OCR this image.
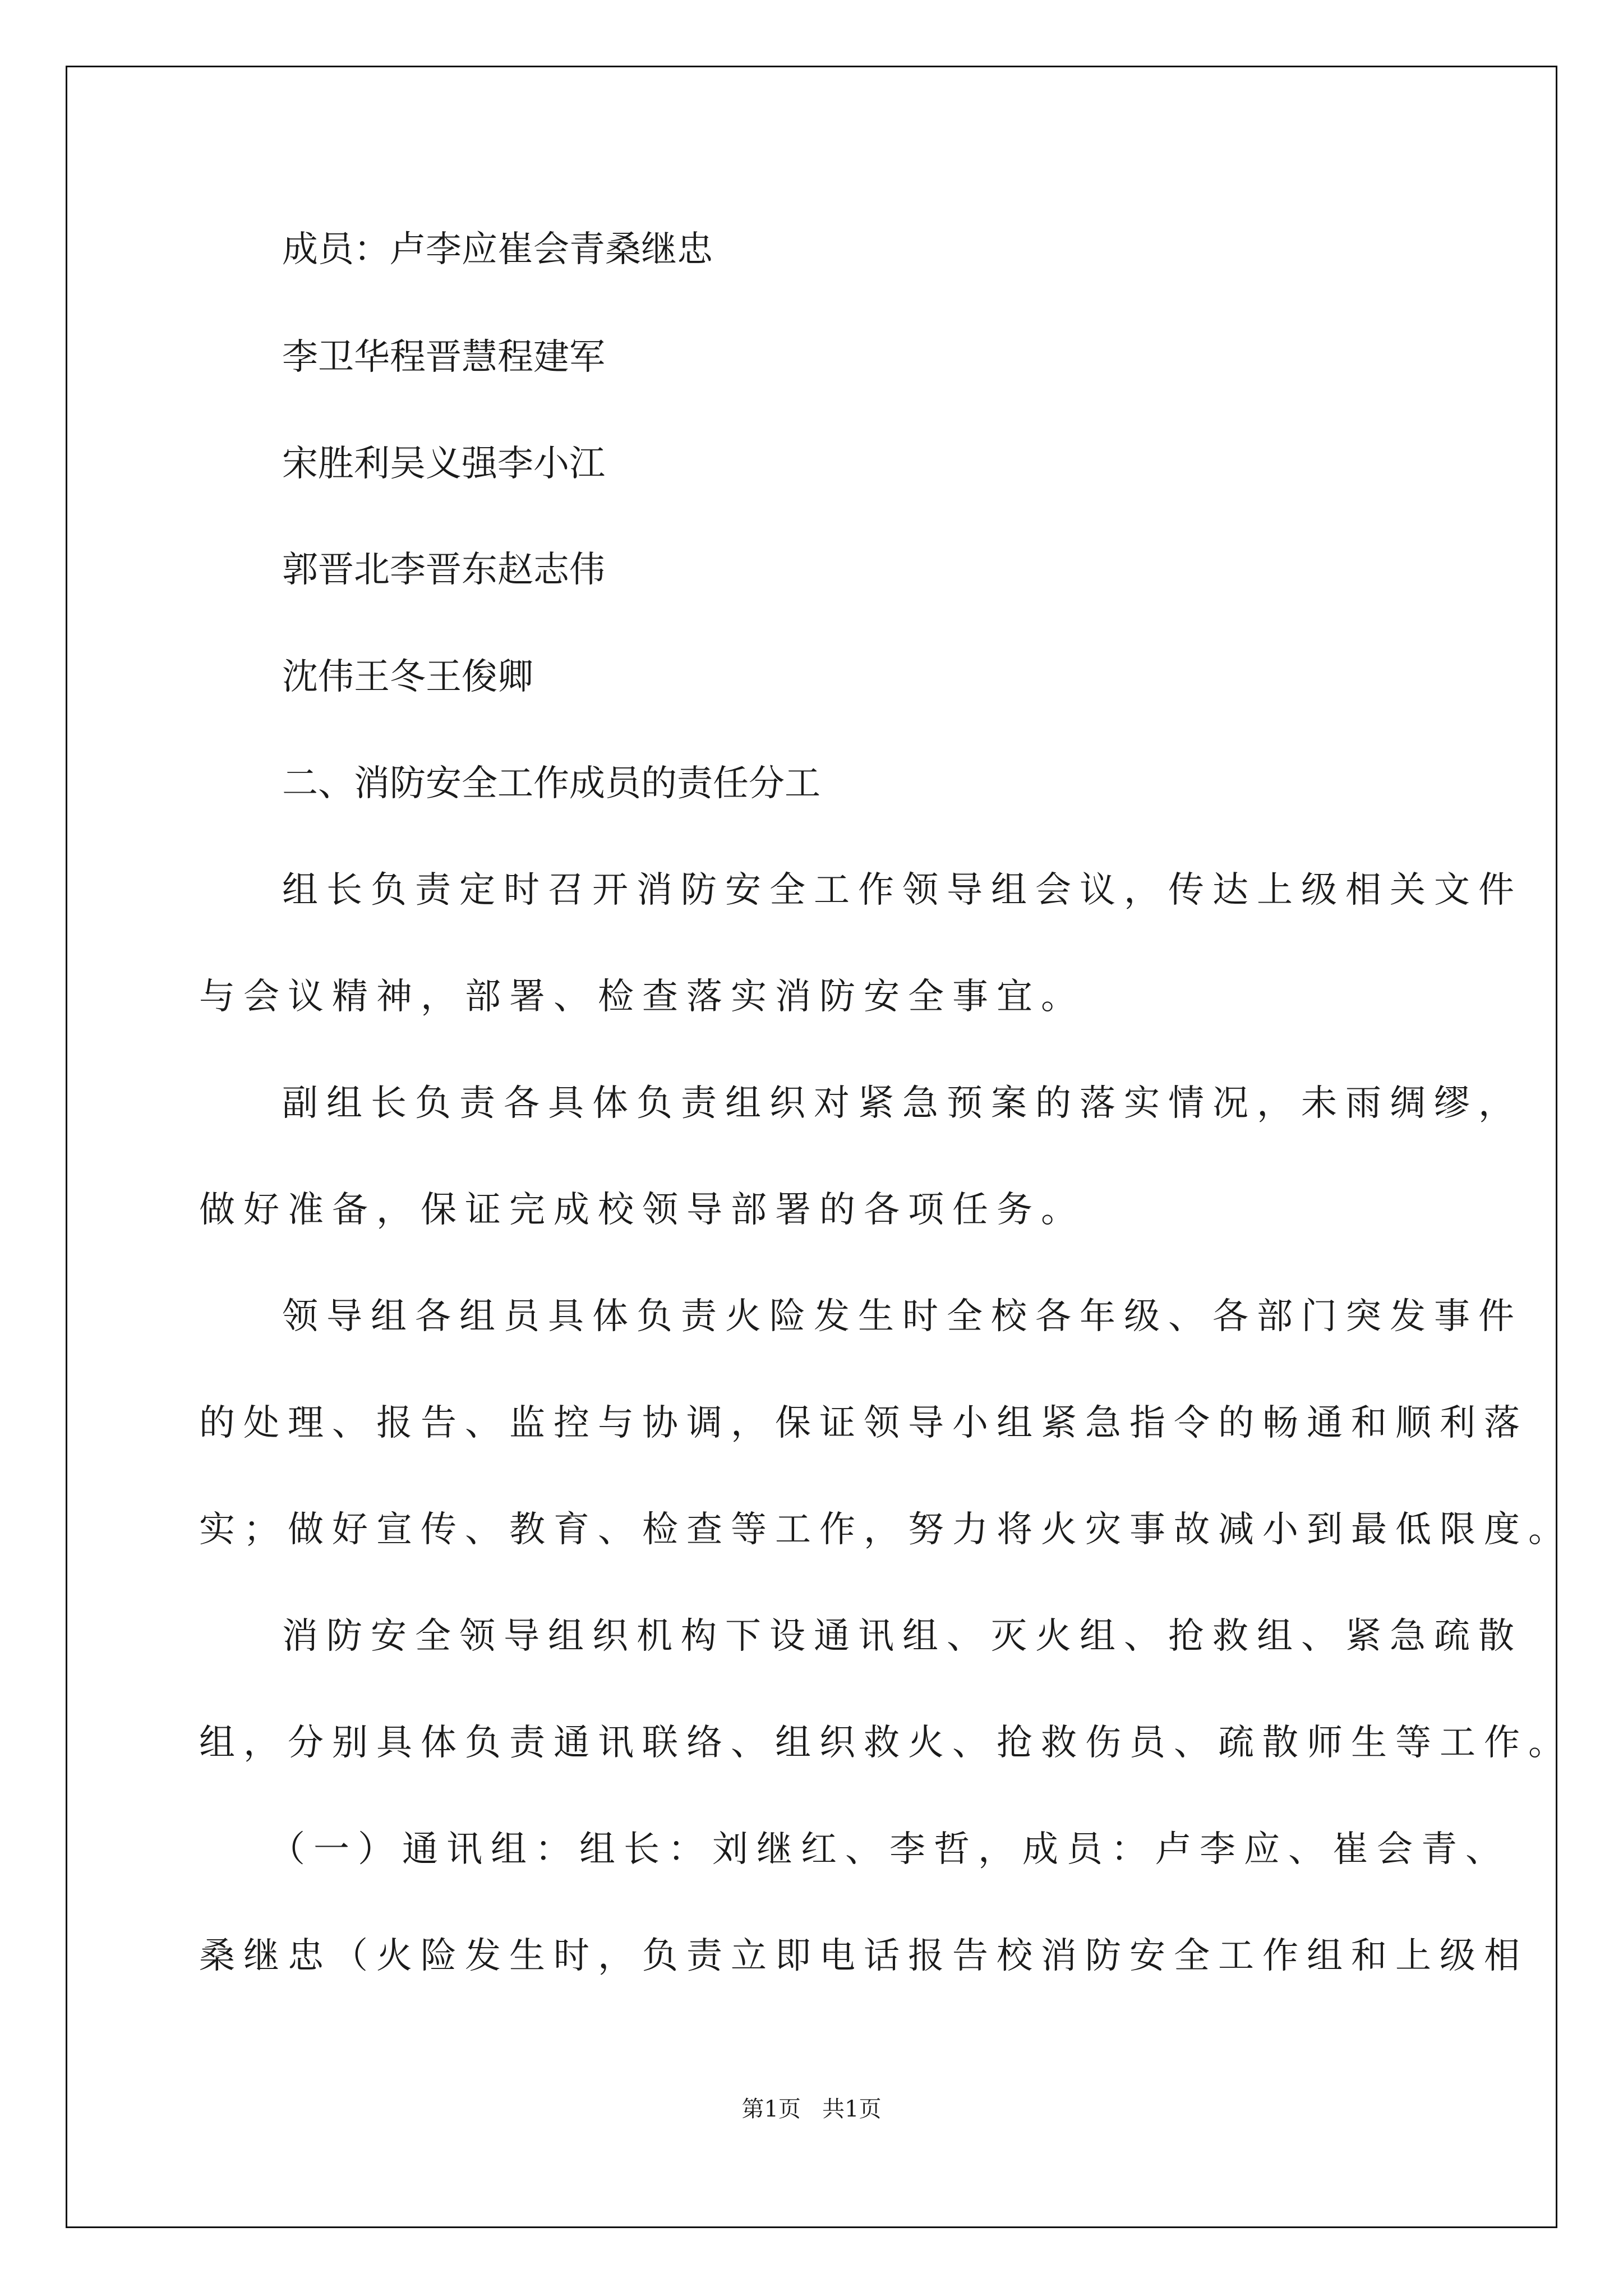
成员：卢李应崔会青桑继忠
李卫华程晋慧程建军
宋胜利吴义强李小江
郭晋北李晋东赵志伟
沈伟王冬王俊卿
二、消防安全工作成员的责任分工
组长负责定时召开消防安全工作领导组会议，传达上级相关文件
与会议精神，部署、检查落实消防安全事宜。
副组长负责各具体负责组织对紧急预案的落实情况，未雨绸缪，
做好准备，保证完成校领导部署的各项任务。
领导组各组员具体负责火险发生时全校各年级、各部门突发事件
的处理、报告、监控与协调，保证领导小组紧急指令的畅通和顺利落
实；做好宣传、教育、检查等工作，努力将火灾事故减小到最低限度。
消防安全领导组织机构下设通讯组、灭火组、抢救组、紧急疏散
组，分别具体负责通讯联络、组织救火、抢救伤员、疏散师生等工作。
（一）通讯组：组长：刘继红、李哲，成员：卢李应、崔会青、
桑继忠（火险发生时，负责立即电话报告校消防安全工作组和上级相
第1页   共1页
